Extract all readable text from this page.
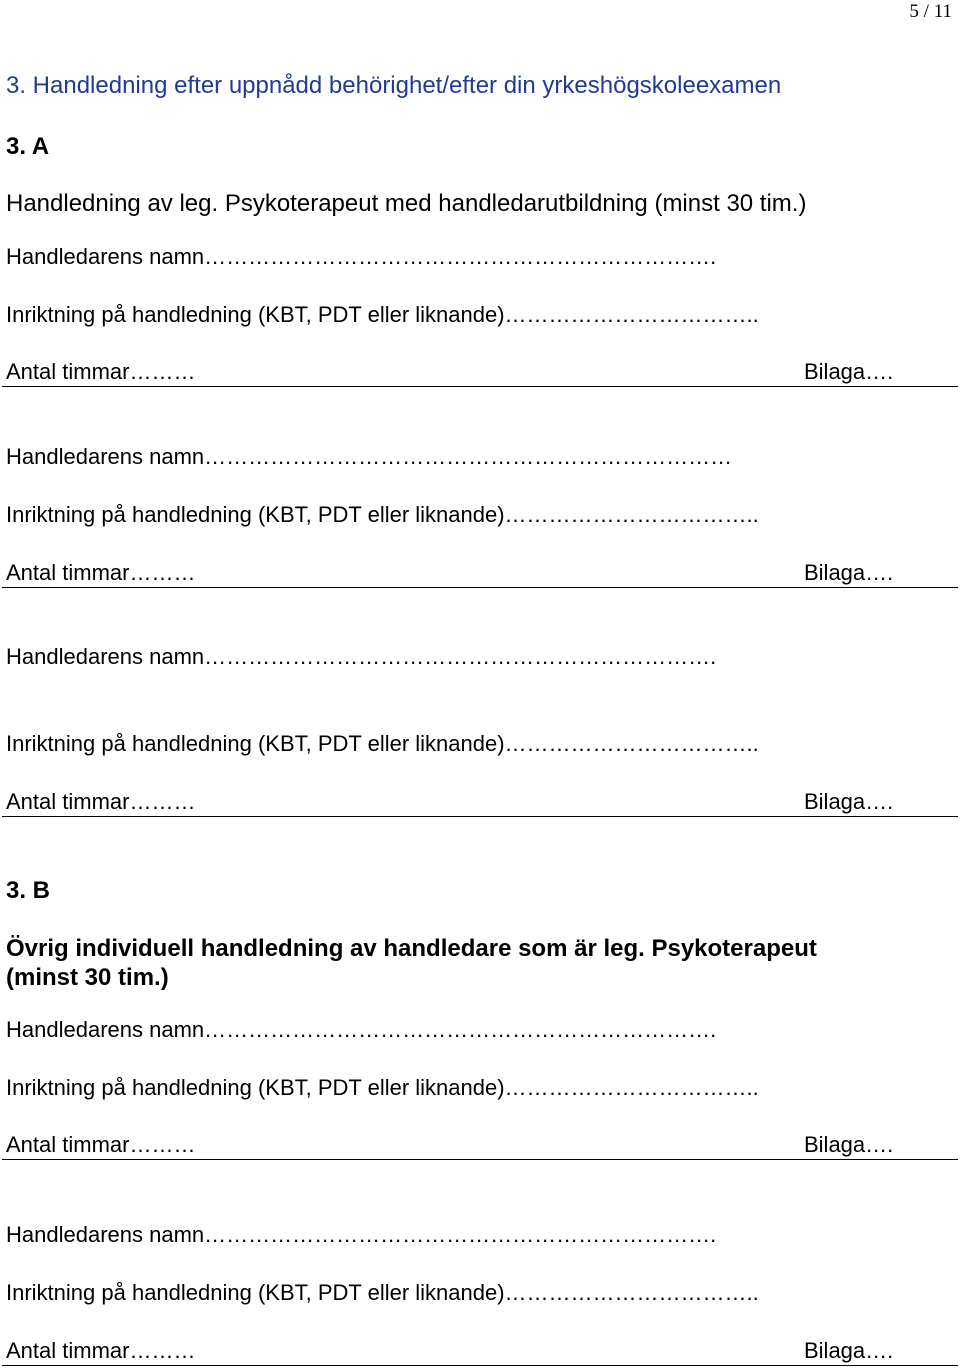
5 / 11
3. Handledning efter uppnådd behörighet/efter din yrkeshögskoleexamen
3. A
Handledning av leg. Psykoterapeut med handledarutbildning (minst 30 tim.)
Handledarens namn…………………………………………………………….
Inriktning på handledning (KBT, PDT eller liknande)……………………………..
Antal timmar………	Bilaga….
Handledarens namn………………………………………………………………
Inriktning på handledning (KBT, PDT eller liknande)……………………………..
Antal timmar………	Bilaga….
Handledarens namn…………………………………………………………….
Inriktning på handledning (KBT, PDT eller liknande)……………………………..
Antal timmar………	Bilaga….
3. B
Övrig individuell handledning av handledare som är leg. Psykoterapeut
(minst 30 tim.)
Handledarens namn…………………………………………………………….
Inriktning på handledning (KBT, PDT eller liknande)……………………………..
Antal timmar………	Bilaga….
Handledarens namn…………………………………………………………….
Inriktning på handledning (KBT, PDT eller liknande)……………………………..
Antal timmar………	Bilaga….
